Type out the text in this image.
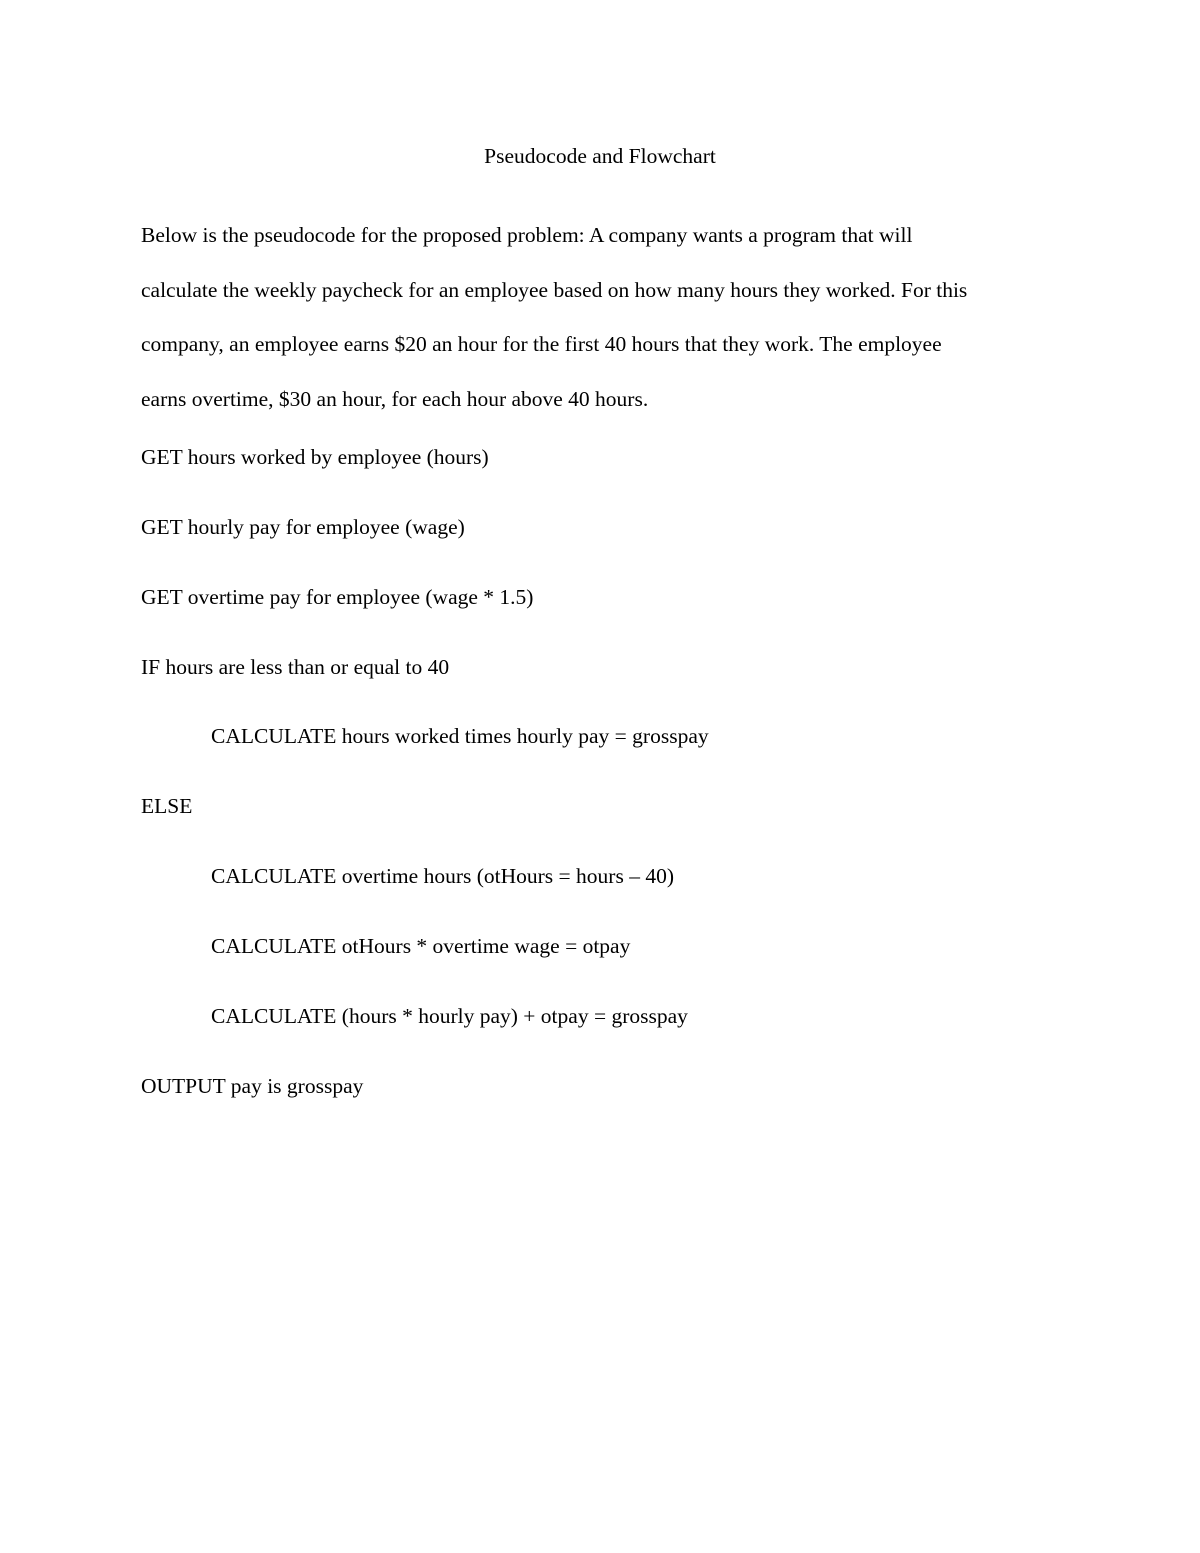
Pseudocode and Flowchart

Below is the pseudocode for the proposed problem: A company wants a program that will
calculate the weekly paycheck for an employee based on how many hours they worked. For this
company, an employee earns $20 an hour for the first 40 hours that they work. The employee
earns overtime, $30 an hour, for each hour above 40 hours.

GET hours worked by employee (hours)
GET hourly pay for employee (wage)
GET overtime pay for employee (wage * 1.5)
IF hours are less than or equal to 40
CALCULATE hours worked times hourly pay = grosspay
ELSE
CALCULATE overtime hours (otHours = hours – 40)
CALCULATE otHours * overtime wage = otpay
CALCULATE (hours * hourly pay) + otpay = grosspay
OUTPUT pay is grosspay
